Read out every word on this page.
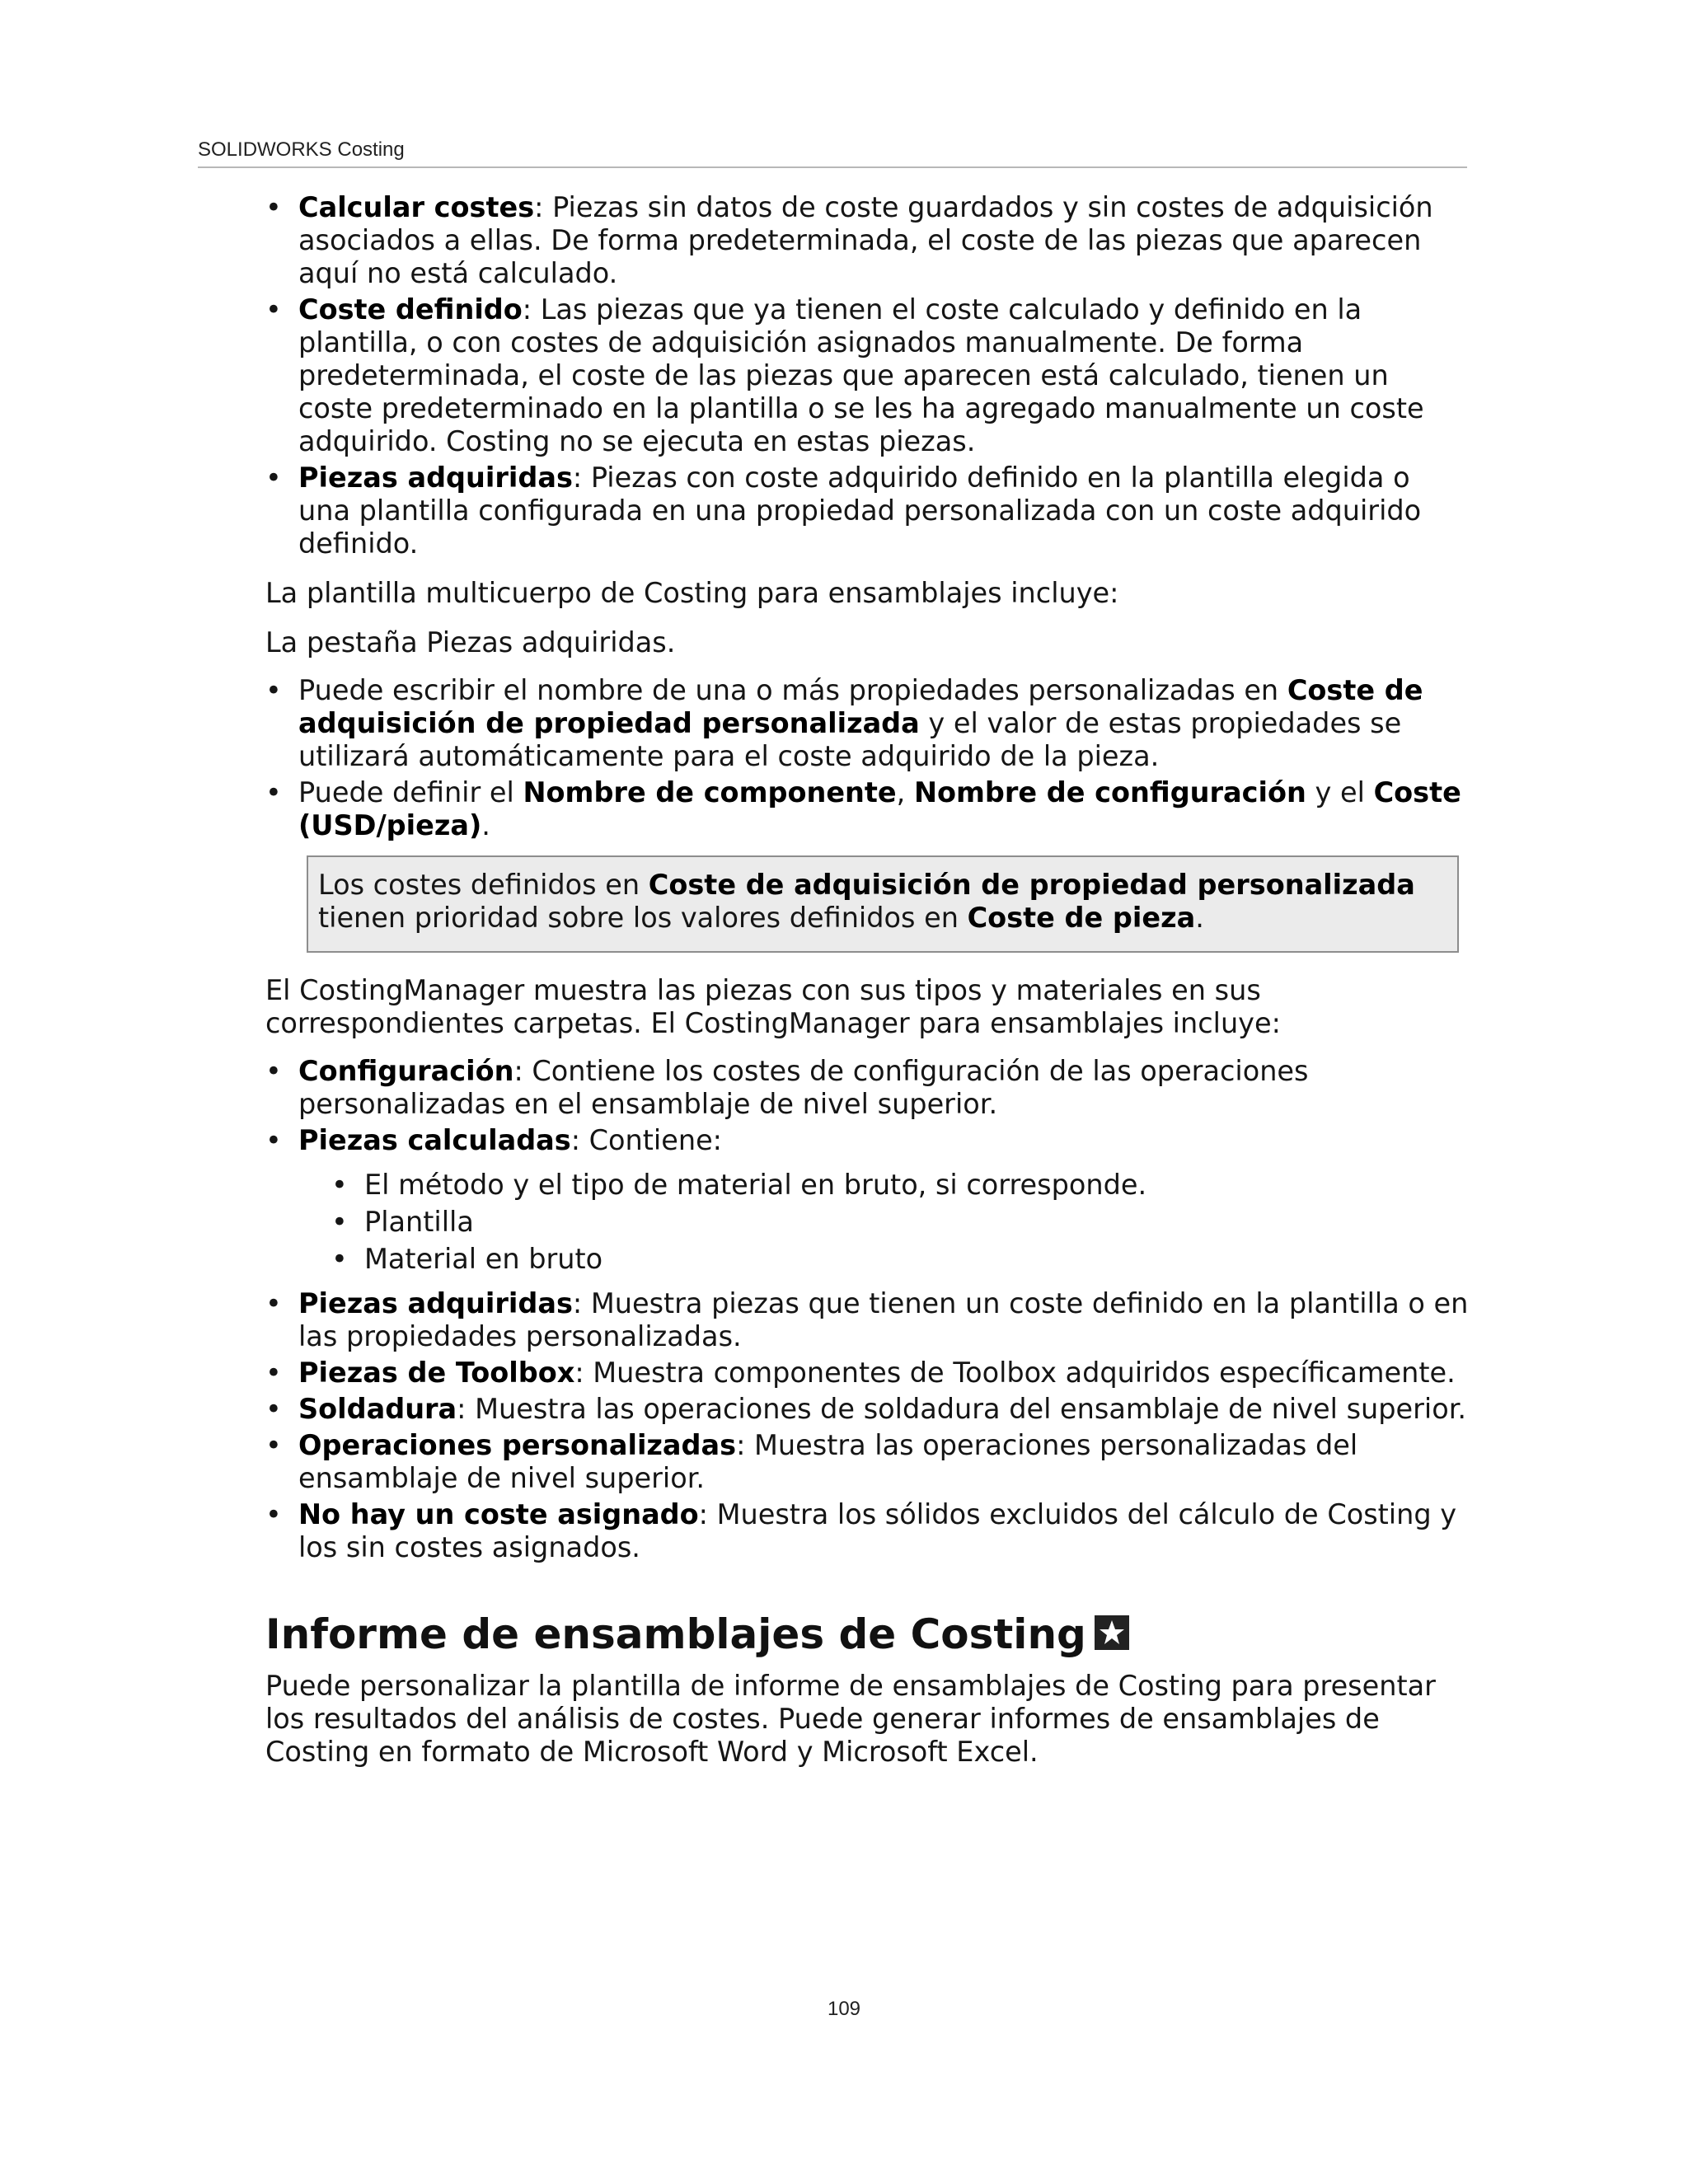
SOLIDWORKS Costing
• Calcular costes: Piezas sin datos de coste guardados y sin costes de adquisición asociados a ellas. De forma predeterminada, el coste de las piezas que aparecen aquí no está calculado.
• Coste definido: Las piezas que ya tienen el coste calculado y definido en la plantilla, o con costes de adquisición asignados manualmente. De forma predeterminada, el coste de las piezas que aparecen está calculado, tienen un coste predeterminado en la plantilla o se les ha agregado manualmente un coste adquirido. Costing no se ejecuta en estas piezas.
• Piezas adquiridas: Piezas con coste adquirido definido en la plantilla elegida o una plantilla configurada en una propiedad personalizada con un coste adquirido definido.

La plantilla multicuerpo de Costing para ensamblajes incluye:

La pestaña Piezas adquiridas.

• Puede escribir el nombre de una o más propiedades personalizadas en Coste de adquisición de propiedad personalizada y el valor de estas propiedades se utilizará automáticamente para el coste adquirido de la pieza.
• Puede definir el Nombre de componente, Nombre de configuración y el Coste (USD/pieza).
Los costes definidos en Coste de adquisición de propiedad personalizada tienen prioridad sobre los valores definidos en Coste de pieza.

El CostingManager muestra las piezas con sus tipos y materiales en sus correspondientes carpetas. El CostingManager para ensamblajes incluye:

• Configuración: Contiene los costes de configuración de las operaciones personalizadas en el ensamblaje de nivel superior.
• Piezas calculadas: Contiene:
• El método y el tipo de material en bruto, si corresponde.
• Plantilla
• Material en bruto
• Piezas adquiridas: Muestra piezas que tienen un coste definido en la plantilla o en las propiedades personalizadas.
• Piezas de Toolbox: Muestra componentes de Toolbox adquiridos específicamente.
• Soldadura: Muestra las operaciones de soldadura del ensamblaje de nivel superior.
• Operaciones personalizadas: Muestra las operaciones personalizadas del ensamblaje de nivel superior.
• No hay un coste asignado: Muestra los sólidos excluidos del cálculo de Costing y los sin costes asignados.
Informe de ensamblajes de Costing

Puede personalizar la plantilla de informe de ensamblajes de Costing para presentar los resultados del análisis de costes. Puede generar informes de ensamblajes de Costing en formato de Microsoft Word y Microsoft Excel.

109
